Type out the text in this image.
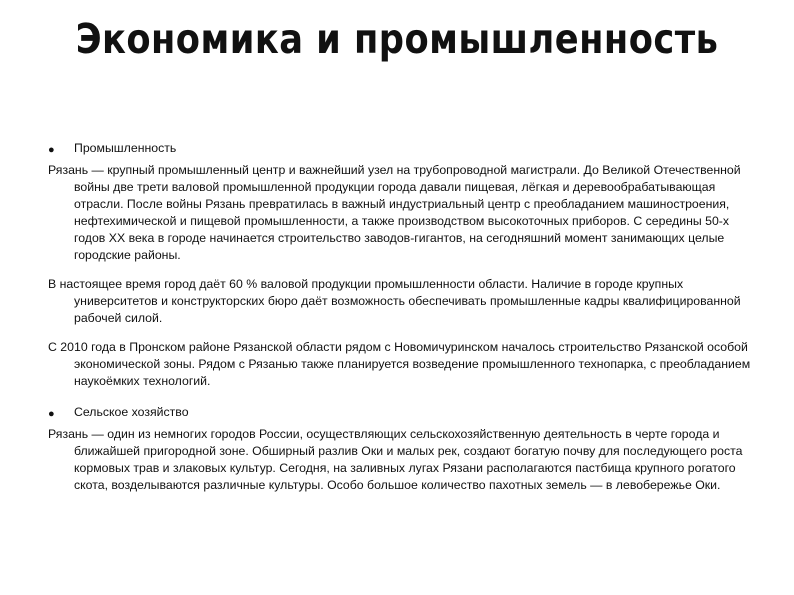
Экономика и промышленность
● Промышленность

Рязань — крупный промышленный центр и важнейший узел на трубопроводной магистрали. До Великой Отечественной войны две трети валовой промышленной продукции города давали пищевая, лёгкая и деревообрабатывающая отрасли. После войны Рязань превратилась в важный индустриальный центр с преобладанием машиностроения, нефтехимической и пищевой промышленности, а также производством высокоточных приборов. С середины 50-х годов XX века в городе начинается строительство заводов-гигантов, на сегодняшний момент занимающих целые городские районы.

В настоящее время город даёт 60 % валовой продукции промышленности области. Наличие в городе крупных университетов и конструкторских бюро даёт возможность обеспечивать промышленные кадры квалифицированной рабочей силой.

С 2010 года в Пронском районе Рязанской области рядом с Новомичуринском началось строительство Рязанской особой экономической зоны. Рядом с Рязанью также планируется возведение промышленного технопарка, с преобладанием наукоёмких технологий.

● Сельское хозяйство

Рязань — один из немногих городов России, осуществляющих сельскохозяйственную деятельность в черте города и ближайшей пригородной зоне. Обширный разлив Оки и малых рек, создают богатую почву для последующего роста кормовых трав и злаковых культур. Сегодня, на заливных лугах Рязани располагаются пастбища крупного рогатого скота, возделываются различные культуры. Особо большое количество пахотных земель — в левобережье Оки.
